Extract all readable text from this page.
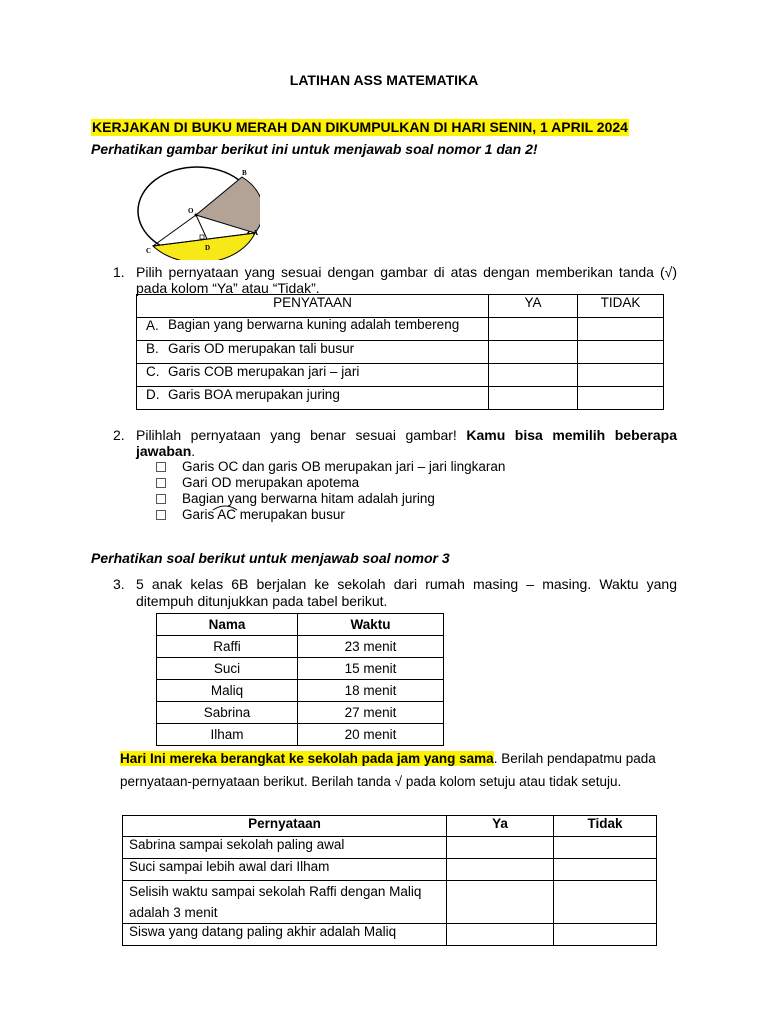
LATIHAN ASS MATEMATIKA
KERJAKAN DI BUKU MERAH DAN DIKUMPULKAN DI HARI SENIN, 1 APRIL 2024
Perhatikan gambar berikut ini untuk menjawab soal nomor 1 dan 2!
B
O
C
A
D
1. Pilih pernyataan yang sesuai dengan gambar di atas dengan memberikan tanda (√) pada kolom “Ya” atau “Tidak”.
PENYATAAN	YA	TIDAK

A. Bagian yang berwarna kuning adalah tembereng		

B. Garis OD merupakan tali busur		

C. Garis COB merupakan jari – jari		

D. Garis BOA merupakan juring		

2. Pilihlah pernyataan yang benar sesuai gambar! Kamu bisa memilih beberapa jawaban.
Garis OC dan garis OB merupakan jari – jari lingkaran
Gari OD merupakan apotema
Bagian yang berwarna hitam adalah juring
Garis AC merupakan busur
Perhatikan soal berikut untuk menjawab soal nomor 3
3. 5 anak kelas 6B berjalan ke sekolah dari rumah masing – masing. Waktu yang ditempuh ditunjukkan pada tabel berikut.
Nama	Waktu
Raffi	23 menit
Suci	15 menit
Maliq	18 menit
Sabrina	27 menit
Ilham	20 menit
Hari Ini mereka berangkat ke sekolah pada jam yang sama. Berilah pendapatmu pada pernyataan-pernyataan berikut. Berilah tanda √ pada kolom setuju atau tidak setuju.
Pernyataan	Ya	Tidak
Sabrina sampai sekolah paling awal		
Suci sampai lebih awal dari Ilham		
Selisih waktu sampai sekolah Raffi dengan Maliq adalah 3 menit		
Siswa yang datang paling akhir adalah Maliq		
